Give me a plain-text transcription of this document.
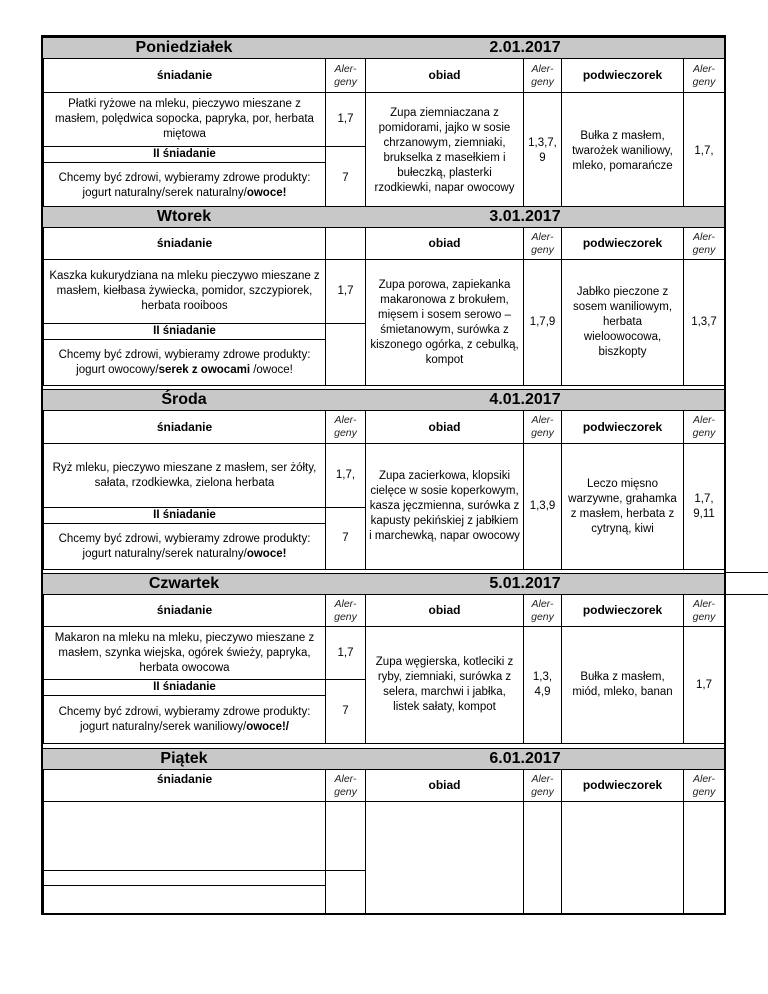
Poniedziałek	2.01.2017
śniadanie	Aler-geny	obiad	Aler-geny	podwieczorek	Aler-geny
Płatki ryżowe na mleku, pieczywo mieszane z masłem, polędwica sopocka, papryka, por, herbata miętowa	1,7	Zupa ziemniaczana z pomidorami, jajko w sosie chrzanowym, ziemniaki, brukselka z masełkiem i bułeczką, plasterki rzodkiewki, napar owocowy	1,3,7, 9	Bułka z masłem, twarożek waniliowy, mleko, pomarańcze	1,7,
II śniadanie	7				
Chcemy być zdrowi, wybieramy zdrowe produkty: jogurt naturalny/serek naturalny/owoce!					
Wtorek	3.01.2017
śniadanie		obiad	Aler-geny	podwieczorek	Aler-geny
Kaszka kukurydziana na mleku pieczywo mieszane z masłem, kiełbasa żywiecka, pomidor, szczypiorek, herbata rooiboos	1,7	Zupa porowa, zapiekanka makaronowa z brokułem, mięsem i sosem serowo – śmietanowym, surówka z kiszonego ogórka, z cebulką, kompot	1,7,9	Jabłko pieczone z sosem waniliowym, herbata wieloowocowa, biszkopty	1,3,7
II śniadanie					
Chcemy być zdrowi, wybieramy zdrowe produkty: jogurt owocowy/serek z owocami /owoce!					
Środa	4.01.2017
śniadanie	Aler-geny	obiad	Aler-geny	podwieczorek	Aler-geny
Ryż mleku, pieczywo mieszane z masłem, ser żółty, sałata, rzodkiewka, zielona herbata	1,7,	Zupa zacierkowa, klopsiki cielęce w sosie koperkowym, kasza jęczmienna, surówka z kapusty pekińskiej z jabłkiem i marchewką, napar owocowy	1,3,9	Leczo mięsno warzywne, grahamka z masłem, herbata z cytryną, kiwi	1,7, 9,11
II śniadanie	7				
Chcemy być zdrowi, wybieramy zdrowe produkty: jogurt naturalny/serek naturalny/owoce!					
Czwartek	5.01.2017
śniadanie	Aler-geny	obiad	Aler-geny	podwieczorek	Aler-geny
Makaron na mleku na mleku, pieczywo mieszane z masłem, szynka wiejska, ogórek świeży, papryka, herbata owocowa	1,7	Zupa węgierska, kotleciki z ryby, ziemniaki, surówka z selera, marchwi i jabłka, listek sałaty, kompot	1,3, 4,9	Bułka z masłem, miód, mleko, banan	1,7
II śniadanie	7				
Chcemy być zdrowi, wybieramy zdrowe produkty: jogurt naturalny/serek waniliowy/owoce!/					
Piątek	6.01.2017
śniadanie	Aler-geny	obiad	Aler-geny	podwieczorek	Aler-geny
